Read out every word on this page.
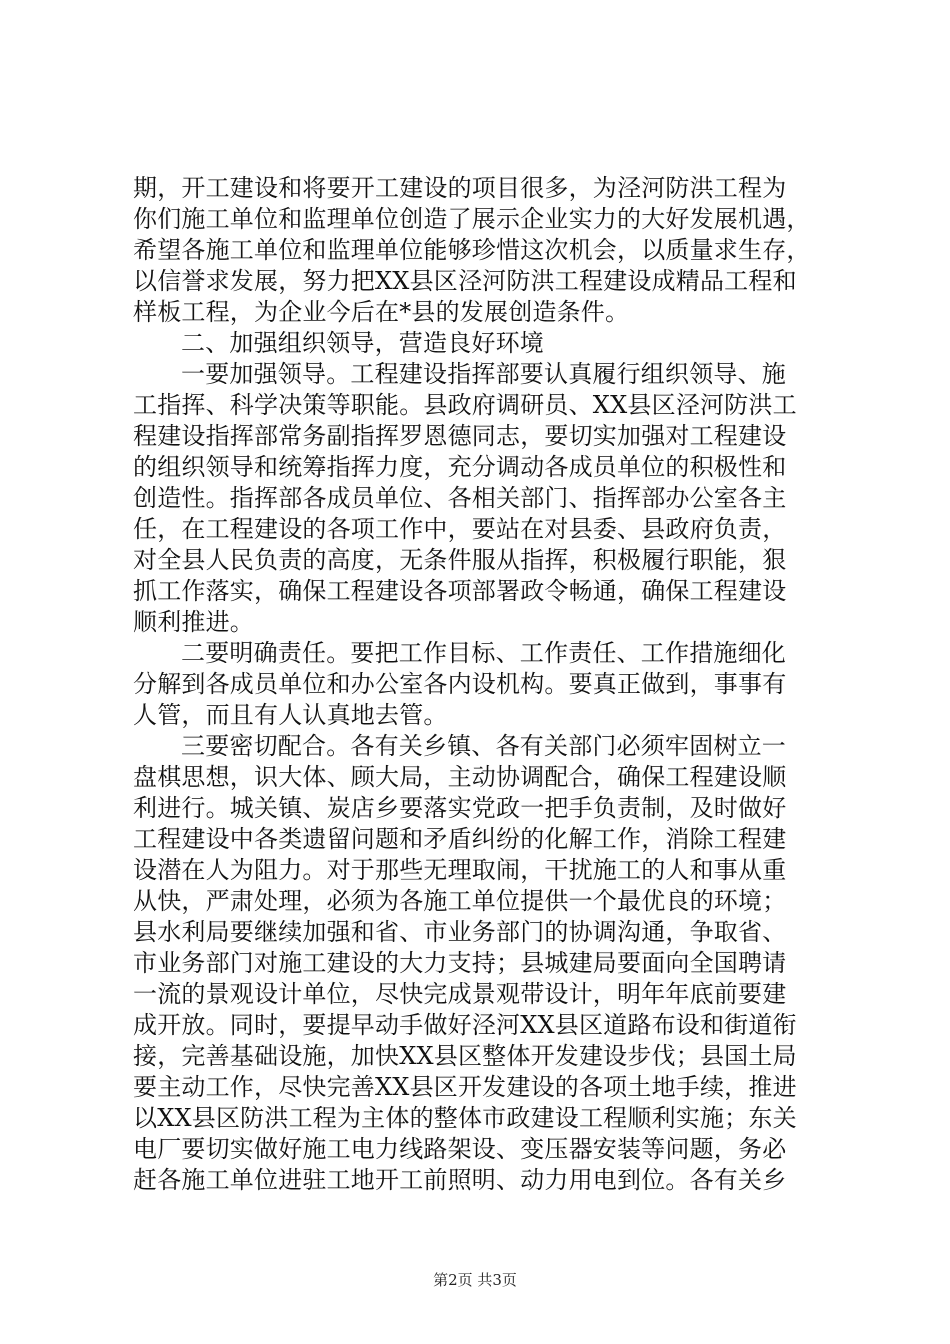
期，开工建设和将要开工建设的项目很多，为泾河防洪工程为
你们施工单位和监理单位创造了展示企业实力的大好发展机遇，
希望各施工单位和监理单位能够珍惜这次机会，以质量求生存，
以信誉求发展，努力把XX县区泾河防洪工程建设成精品工程和
样板工程，为企业今后在*县的发展创造条件。
二、加强组织领导，营造良好环境
一要加强领导。工程建设指挥部要认真履行组织领导、施
工指挥、科学决策等职能。县政府调研员、XX县区泾河防洪工
程建设指挥部常务副指挥罗恩德同志，要切实加强对工程建设
的组织领导和统筹指挥力度，充分调动各成员单位的积极性和
创造性。指挥部各成员单位、各相关部门、指挥部办公室各主
任，在工程建设的各项工作中，要站在对县委、县政府负责，
对全县人民负责的高度，无条件服从指挥，积极履行职能，狠
抓工作落实，确保工程建设各项部署政令畅通，确保工程建设
顺利推进。
二要明确责任。要把工作目标、工作责任、工作措施细化
分解到各成员单位和办公室各内设机构。要真正做到，事事有
人管，而且有人认真地去管。
三要密切配合。各有关乡镇、各有关部门必须牢固树立一
盘棋思想，识大体、顾大局，主动协调配合，确保工程建设顺
利进行。城关镇、炭店乡要落实党政一把手负责制，及时做好
工程建设中各类遗留问题和矛盾纠纷的化解工作，消除工程建
设潜在人为阻力。对于那些无理取闹，干扰施工的人和事从重
从快，严肃处理，必须为各施工单位提供一个最优良的环境；
县水利局要继续加强和省、市业务部门的协调沟通，争取省、
市业务部门对施工建设的大力支持；县城建局要面向全国聘请
一流的景观设计单位，尽快完成景观带设计，明年年底前要建
成开放。同时，要提早动手做好泾河XX县区道路布设和街道衔
接，完善基础设施，加快XX县区整体开发建设步伐；县国土局
要主动工作，尽快完善XX县区开发建设的各项土地手续，推进
以XX县区防洪工程为主体的整体市政建设工程顺利实施；东关
电厂要切实做好施工电力线路架设、变压器安装等问题，务必
赶各施工单位进驻工地开工前照明、动力用电到位。各有关乡
第2页 共3页
